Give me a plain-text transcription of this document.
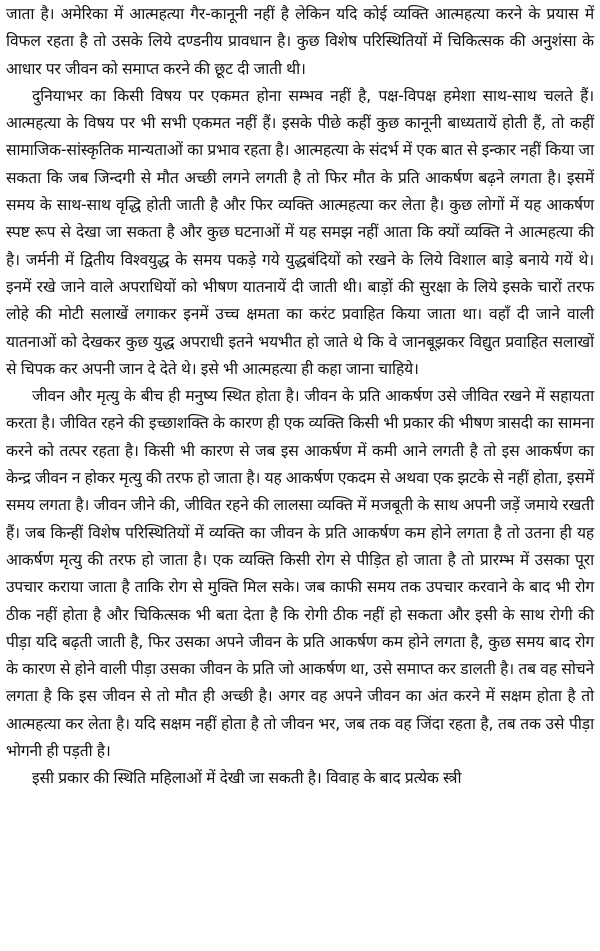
जाता है। अमेरिका में आत्महत्या गैर-कानूनी नहीं है लेकिन यदि कोई व्यक्ति आत्महत्या करने के प्रयास में विफल रहता है तो उसके लिये दण्डनीय प्रावधान है। कुछ विशेष परिस्थितियों में चिकित्सक की अनुशंसा के आधार पर जीवन को समाप्त करने की छूट दी जाती थी।

दुनियाभर का किसी विषय पर एकमत होना सम्भव नहीं है, पक्ष-विपक्ष हमेशा साथ-साथ चलते हैं। आत्महत्या के विषय पर भी सभी एकमत नहीं हैं। इसके पीछे कहीं कुछ कानूनी बाध्यतायें होती हैं, तो कहीं सामाजिक-सांस्कृतिक मान्यताओं का प्रभाव रहता है। आत्महत्या के संदर्भ में एक बात से इन्कार नहीं किया जा सकता कि जब जिन्दगी से मौत अच्छी लगने लगती है तो फिर मौत के प्रति आकर्षण बढ़ने लगता है। इसमें समय के साथ-साथ वृद्धि होती जाती है और फिर व्यक्ति आत्महत्या कर लेता है। कुछ लोगों में यह आकर्षण स्पष्ट रूप से देखा जा सकता है और कुछ घटनाओं में यह समझ नहीं आता कि क्यों व्यक्ति ने आत्महत्या की है। जर्मनी में द्वितीय विश्वयुद्ध के समय पकड़े गये युद्धबंदियों को रखने के लिये विशाल बाड़े बनाये गयें थे। इनमें रखे जाने वाले अपराधियों को भीषण यातनायें दी जाती थी। बाड़ों की सुरक्षा के लिये इसके चारों तरफ लोहे की मोटी सलाखें लगाकर इनमें उच्च क्षमता का करंट प्रवाहित किया जाता था। वहाँ दी जाने वाली यातनाओं को देखकर कुछ युद्ध अपराधी इतने भयभीत हो जाते थे कि वे जानबूझकर विद्युत प्रवाहित सलाखों से चिपक कर अपनी जान दे देते थे। इसे भी आत्महत्या ही कहा जाना चाहिये।

जीवन और मृत्यु के बीच ही मनुष्य स्थित होता है। जीवन के प्रति आकर्षण उसे जीवित रखने में सहायता करता है। जीवित रहने की इच्छाशक्ति के कारण ही एक व्यक्ति किसी भी प्रकार की भीषण त्रासदी का सामना करने को तत्पर रहता है। किसी भी कारण से जब इस आकर्षण में कमी आने लगती है तो इस आकर्षण का केन्द्र जीवन न होकर मृत्यु की तरफ हो जाता है। यह आकर्षण एकदम से अथवा एक झटके से नहीं होता, इसमें समय लगता है। जीवन जीने की, जीवित रहने की लालसा व्यक्ति में मजबूती के साथ अपनी जड़ें जमाये रखती हैं। जब किन्हीं विशेष परिस्थितियों में व्यक्ति का जीवन के प्रति आकर्षण कम होने लगता है तो उतना ही यह आकर्षण मृत्यु की तरफ हो जाता है। एक व्यक्ति किसी रोग से पीड़ित हो जाता है तो प्रारम्भ में उसका पूरा उपचार कराया जाता है ताकि रोग से मुक्ति मिल सके। जब काफी समय तक उपचार करवाने के बाद भी रोग ठीक नहीं होता है और चिकित्सक भी बता देता है कि रोगी ठीक नहीं हो सकता और इसी के साथ रोगी की पीड़ा यदि बढ़ती जाती है, फिर उसका अपने जीवन के प्रति आकर्षण कम होने लगता है, कुछ समय बाद रोग के कारण से होने वाली पीड़ा उसका जीवन के प्रति जो आकर्षण था, उसे समाप्त कर डालती है। तब वह सोचने लगता है कि इस जीवन से तो मौत ही अच्छी है। अगर वह अपने जीवन का अंत करने में सक्षम होता है तो आत्महत्या कर लेता है। यदि सक्षम नहीं होता है तो जीवन भर, जब तक वह जिंदा रहता है, तब तक उसे पीड़ा भोगनी ही पड़ती है।

इसी प्रकार की स्थिति महिलाओं में देखी जा सकती है। विवाह के बाद प्रत्येक स्त्री
